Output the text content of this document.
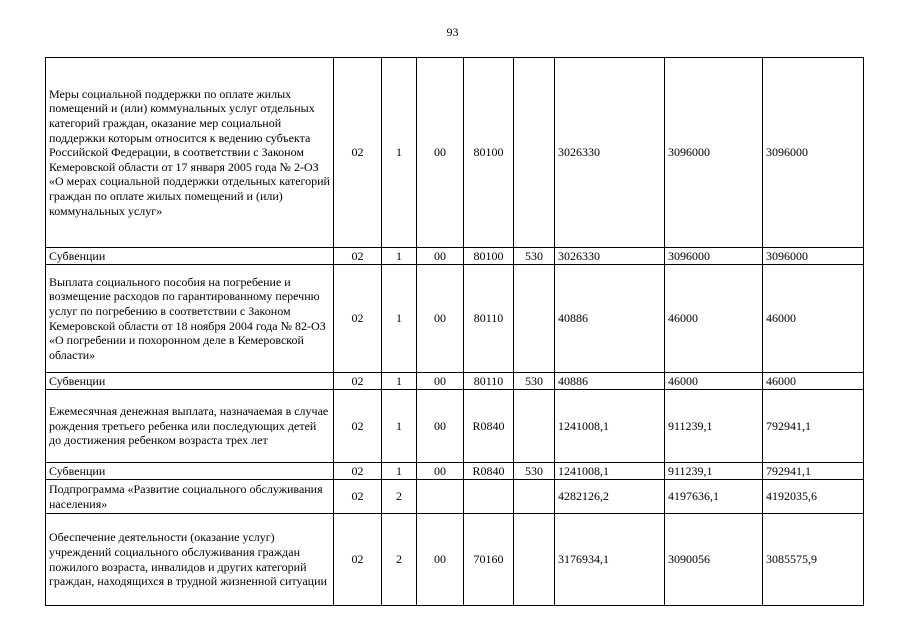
93
Меры социальной поддержки по оплате жилых помещений и (или) коммунальных услуг отдельных категорий граждан, оказание мер социальной поддержки которым относится к ведению субъекта Российской Федерации, в соответствии с Законом Кемеровской области от 17 января 2005 года № 2-ОЗ «О мерах социальной поддержки отдельных категорий граждан по оплате жилых помещений и (или) коммунальных услуг»	02	1	00	80100		3026330	3096000	3096000
Субвенции	02	1	00	80100	530	3026330	3096000	3096000
Выплата социального пособия на погребение и возмещение расходов по гарантированному перечню услуг по погребению в соответствии с Законом Кемеровской области от 18 ноября 2004 года № 82-ОЗ «О погребении и похоронном деле в Кемеровской области»	02	1	00	80110		40886	46000	46000
Субвенции	02	1	00	80110	530	40886	46000	46000
Ежемесячная денежная выплата, назначаемая в случае рождения третьего ребенка или последующих детей до достижения ребенком возраста трех лет	02	1	00	R0840		1241008,1	911239,1	792941,1
Субвенции	02	1	00	R0840	530	1241008,1	911239,1	792941,1
Подпрограмма «Развитие социального обслуживания населения»	02	2				4282126,2	4197636,1	4192035,6
Обеспечение деятельности (оказание услуг) учреждений социального обслуживания граждан пожилого возраста, инвалидов и других категорий граждан, находящихся в трудной жизненной ситуации	02	2	00	70160		3176934,1	3090056	3085575,9
